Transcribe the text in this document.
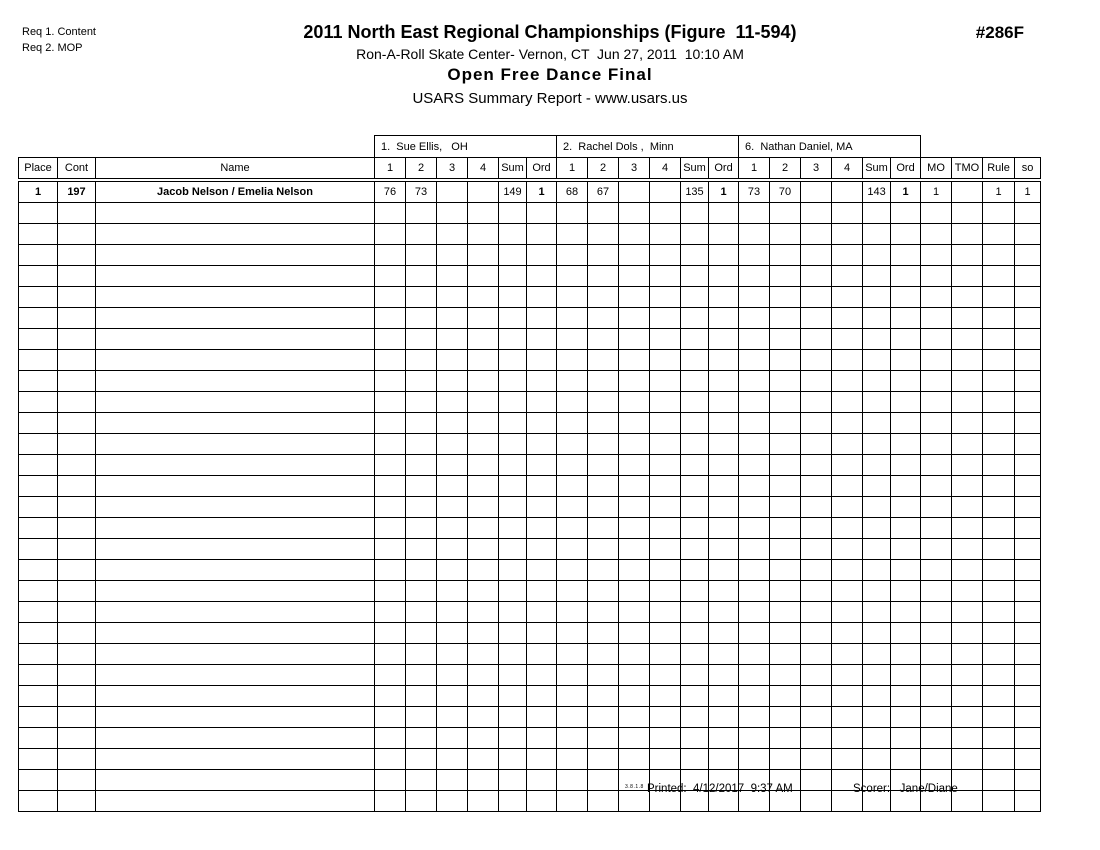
Req 1. Content
Req 2. MOP
2011 North East Regional Championships (Figure  11-594)
Ron-A-Roll Skate Center- Vernon, CT  Jun 27, 2011  10:10 AM
Open Free Dance Final
USARS Summary Report - www.usars.us
#286F
			1.  Sue Ellis,   OH						2.  Rachel Dols ,  Minn						6.  Nathan Daniel, MA									
Place	Cont	Name	1	2	3	4	Sum	Ord	1	2	3	4	Sum	Ord	1	2	3	4	Sum	Ord	MO	TMO	Rule	so
1	197	Jacob Nelson / Emelia Nelson	76	73			149	1	68	67			135	1	73	70			143	1	1		1	1

3.8.1.8 Printed:  4/12/2017  9:37 AM	Scorer:   Jane/Diane
